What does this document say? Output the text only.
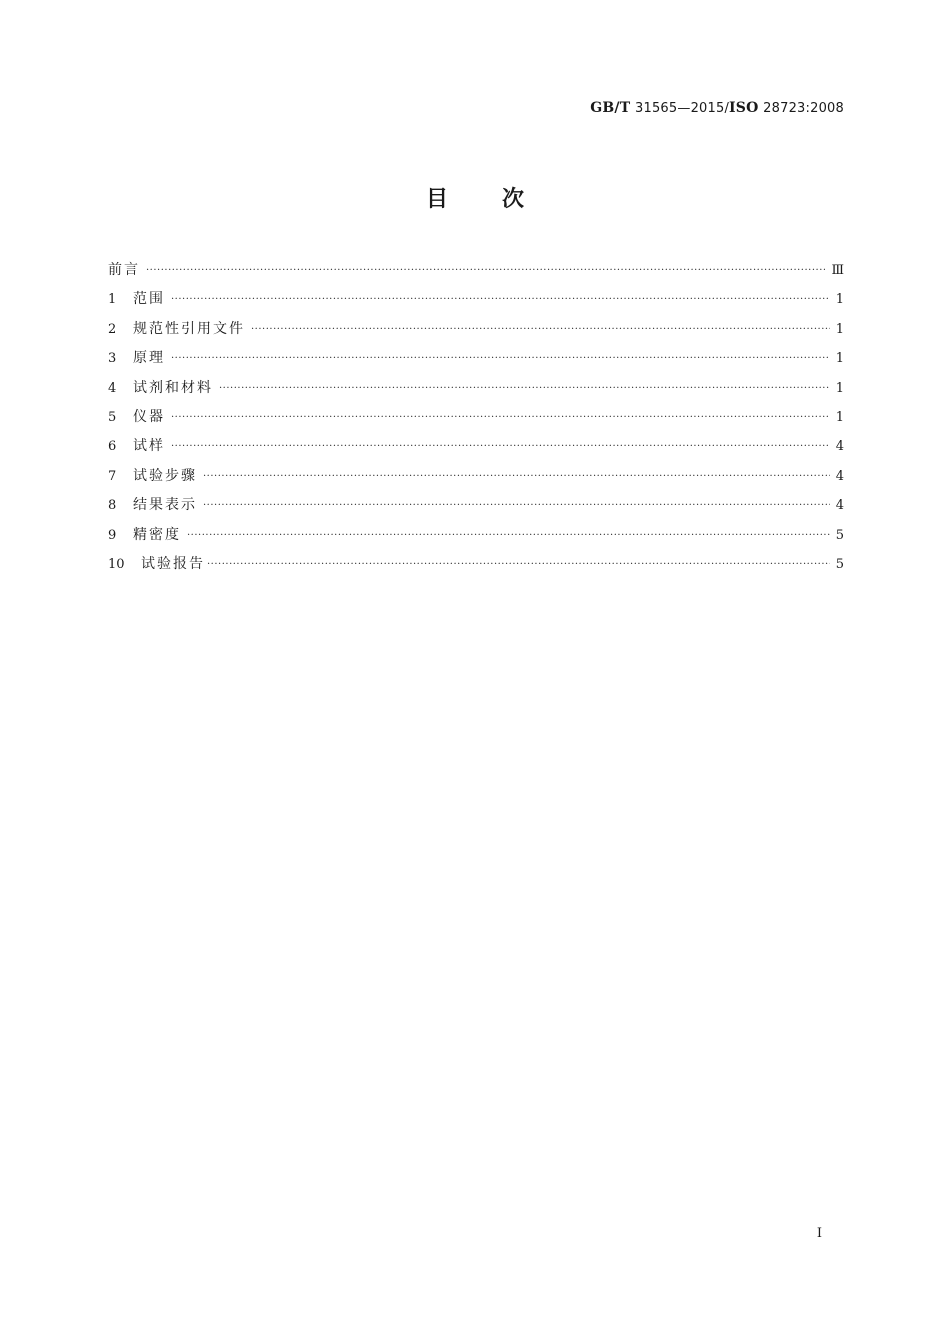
GB/T 31565—2015/ISO 28723:2008
目次
前言 ·····	Ⅲ
1	范围 ·····	1
2	规范性引用文件 ·····	1
3	原理 ·····	1
4	试剂和材料 ·····	1
5	仪器 ·····	1
6	试样 ·····	4
7	试验步骤 ·····	4
8	结果表示 ·····	4
9	精密度 ·····	5
10	试验报告 ·····	5
I
